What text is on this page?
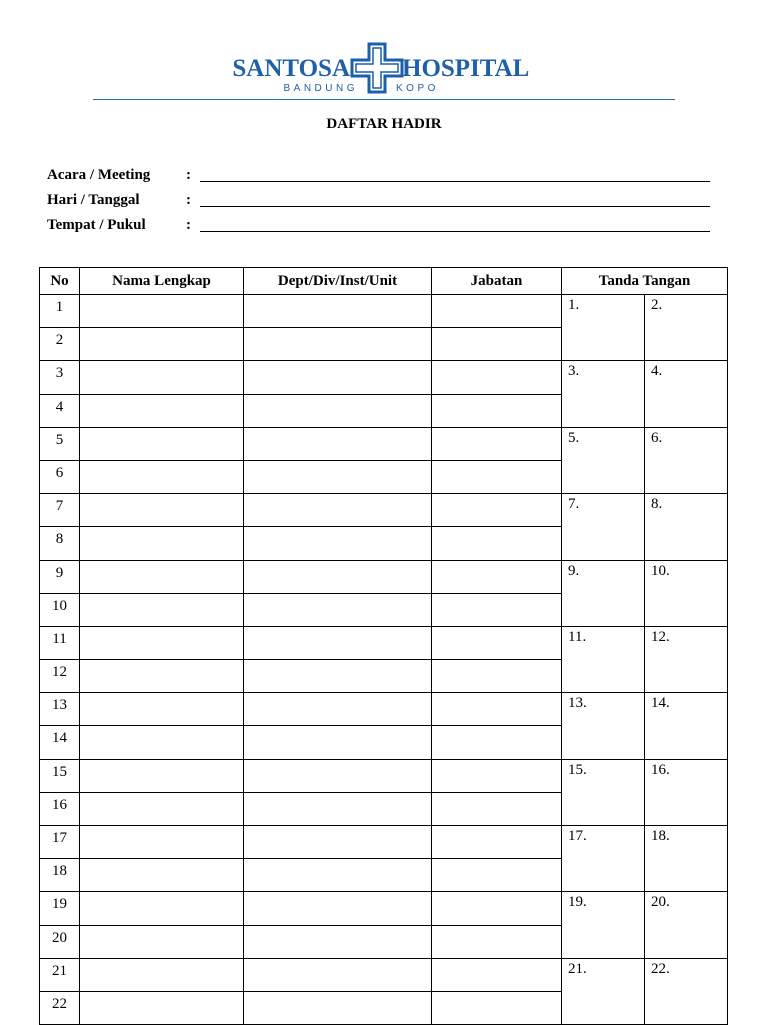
SANTOSA HOSPITAL
BANDUNG	KOPO
DAFTAR HADIR
Acara / Meeting :
Hari / Tanggal	:
Tempat / Pukul	:
No	Nama Lengkap	Dept/Div/Inst/Unit	Jabatan	Tanda Tangan	
1				1.	2.
2					
3				3.	4.
4					
5				5.	6.
6					
7				7.	8.
8					
9				9.	10.
10					
11				11.	12.
12					
13				13.	14.
14					
15				15.	16.
16					
17				17.	18.
18					
19				19.	20.
20					
21				21.	22.
22					
